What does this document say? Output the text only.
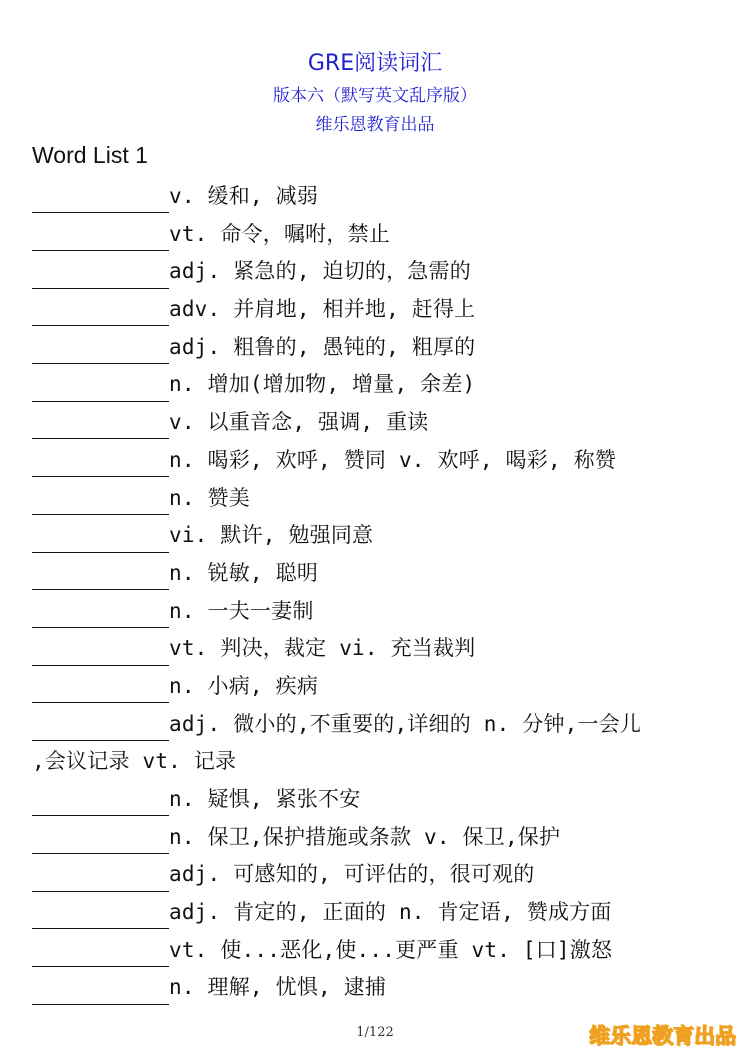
GRE阅读词汇
版本六（默写英文乱序版）
维乐恩教育出品
Word List 1
v. 缓和, 减弱
vt. 命令，嘱咐，禁止
adj. 紧急的, 迫切的，急需的
adv. 并肩地, 相并地, 赶得上
adj. 粗鲁的, 愚钝的, 粗厚的
n. 增加(增加物, 增量, 余差)
v. 以重音念, 强调, 重读
n. 喝彩, 欢呼, 赞同 v. 欢呼, 喝彩, 称赞
n. 赞美
vi. 默许, 勉强同意
n. 锐敏, 聪明
n. 一夫一妻制
vt. 判决，裁定 vi. 充当裁判
n. 小病, 疾病
adj. 微小的,不重要的,详细的 n. 分钟,一会儿
,会议记录 vt. 记录
n. 疑惧, 紧张不安
n. 保卫,保护措施或条款 v. 保卫,保护
adj. 可感知的, 可评估的，很可观的
adj. 肯定的, 正面的 n. 肯定语, 赞成方面
vt. 使...恶化,使...更严重 vt. [口]激怒
n. 理解, 忧惧, 逮捕
1/122	维乐恩教育出品
